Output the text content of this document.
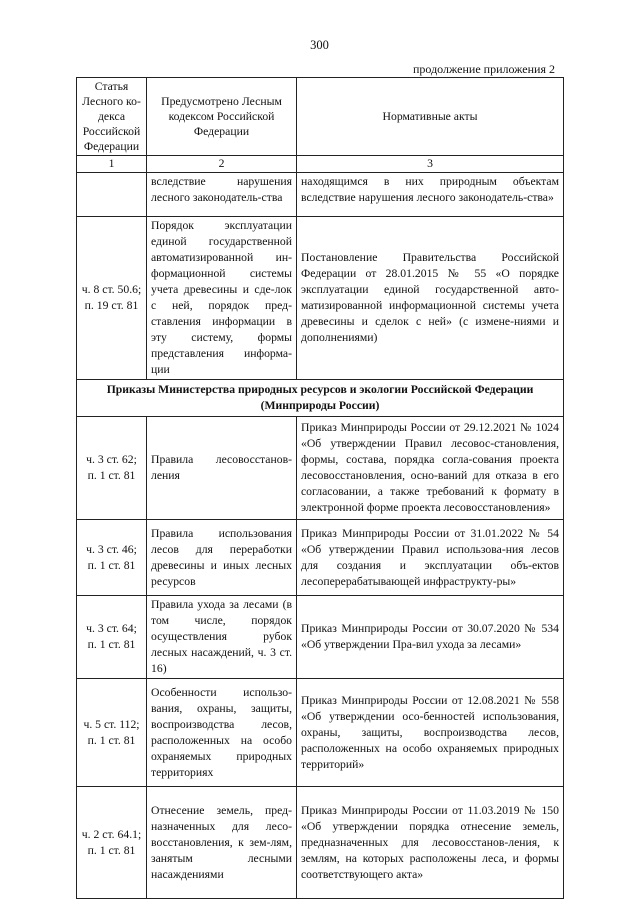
300
продолжение приложения 2
Статья Лесного ко-декса Российской Федерации	Предусмотрено Лесным кодексом Российской Федерации	Нормативные акты
1	2	3
	вследствие нарушения лесного законодатель-ства	находящимся в них природным объектам вследствие нарушения лесного законодатель-ства»
ч. 8 ст. 50.6; п. 19 ст. 81	Порядок эксплуатации единой государственной автоматизированной ин-формационной системы учета древесины и сде-лок с ней, порядок пред-ставления информации в эту систему, формы представления информа-ции	Постановление Правительства Российской Федерации от 28.01.2015 № 55 «О порядке эксплуатации единой государственной авто-матизированной информационной системы учета древесины и сделок с ней» (с измене-ниями и дополнениями)
Приказы Министерства природных ресурсов и экологии Российской Федерации (Минприроды России)		
ч. 3 ст. 62; п. 1 ст. 81	Правила лесовосстанов-ления	Приказ Минприроды России от 29.12.2021 № 1024 «Об утверждении Правил лесовос-становления, формы, состава, порядка согла-сования проекта лесовосстановления, осно-ваний для отказа в его согласовании, а также требований к формату в электронной форме проекта лесовосстановления»
ч. 3 ст. 46; п. 1 ст. 81	Правила использования лесов для переработки древесины и иных лесных ресурсов	Приказ Минприроды России от 31.01.2022 № 54 «Об утверждении Правил использова-ния лесов для создания и эксплуатации объ-ектов лесоперерабатывающей инфраструкту-ры»
ч. 3 ст. 64; п. 1 ст. 81	Правила ухода за лесами (в том числе, порядок осуществления рубок лесных насаждений, ч. 3 ст. 16)	Приказ Минприроды России от 30.07.2020 № 534 «Об утверждении Пра-вил ухода за лесами»
ч. 5 ст. 112; п. 1 ст. 81	Особенности использо-вания, охраны, защиты, воспроизводства лесов, расположенных на особо охраняемых природных территориях	Приказ Минприроды России от 12.08.2021 № 558 «Об утверждении осо-бенностей использования, охраны, защиты, воспроизводства лесов, расположенных на особо охраняемых природных территорий»
ч. 2 ст. 64.1; п. 1 ст. 81	Отнесение земель, пред-назначенных для лесо-восстановления, к зем-лям, занятым лесными насаждениями	Приказ Минприроды России от 11.03.2019 № 150 «Об утверждении порядка отнесение земель, предназначенных для лесовосстанов-ления, к землям, на которых расположены леса, и формы соответствующего акта»
